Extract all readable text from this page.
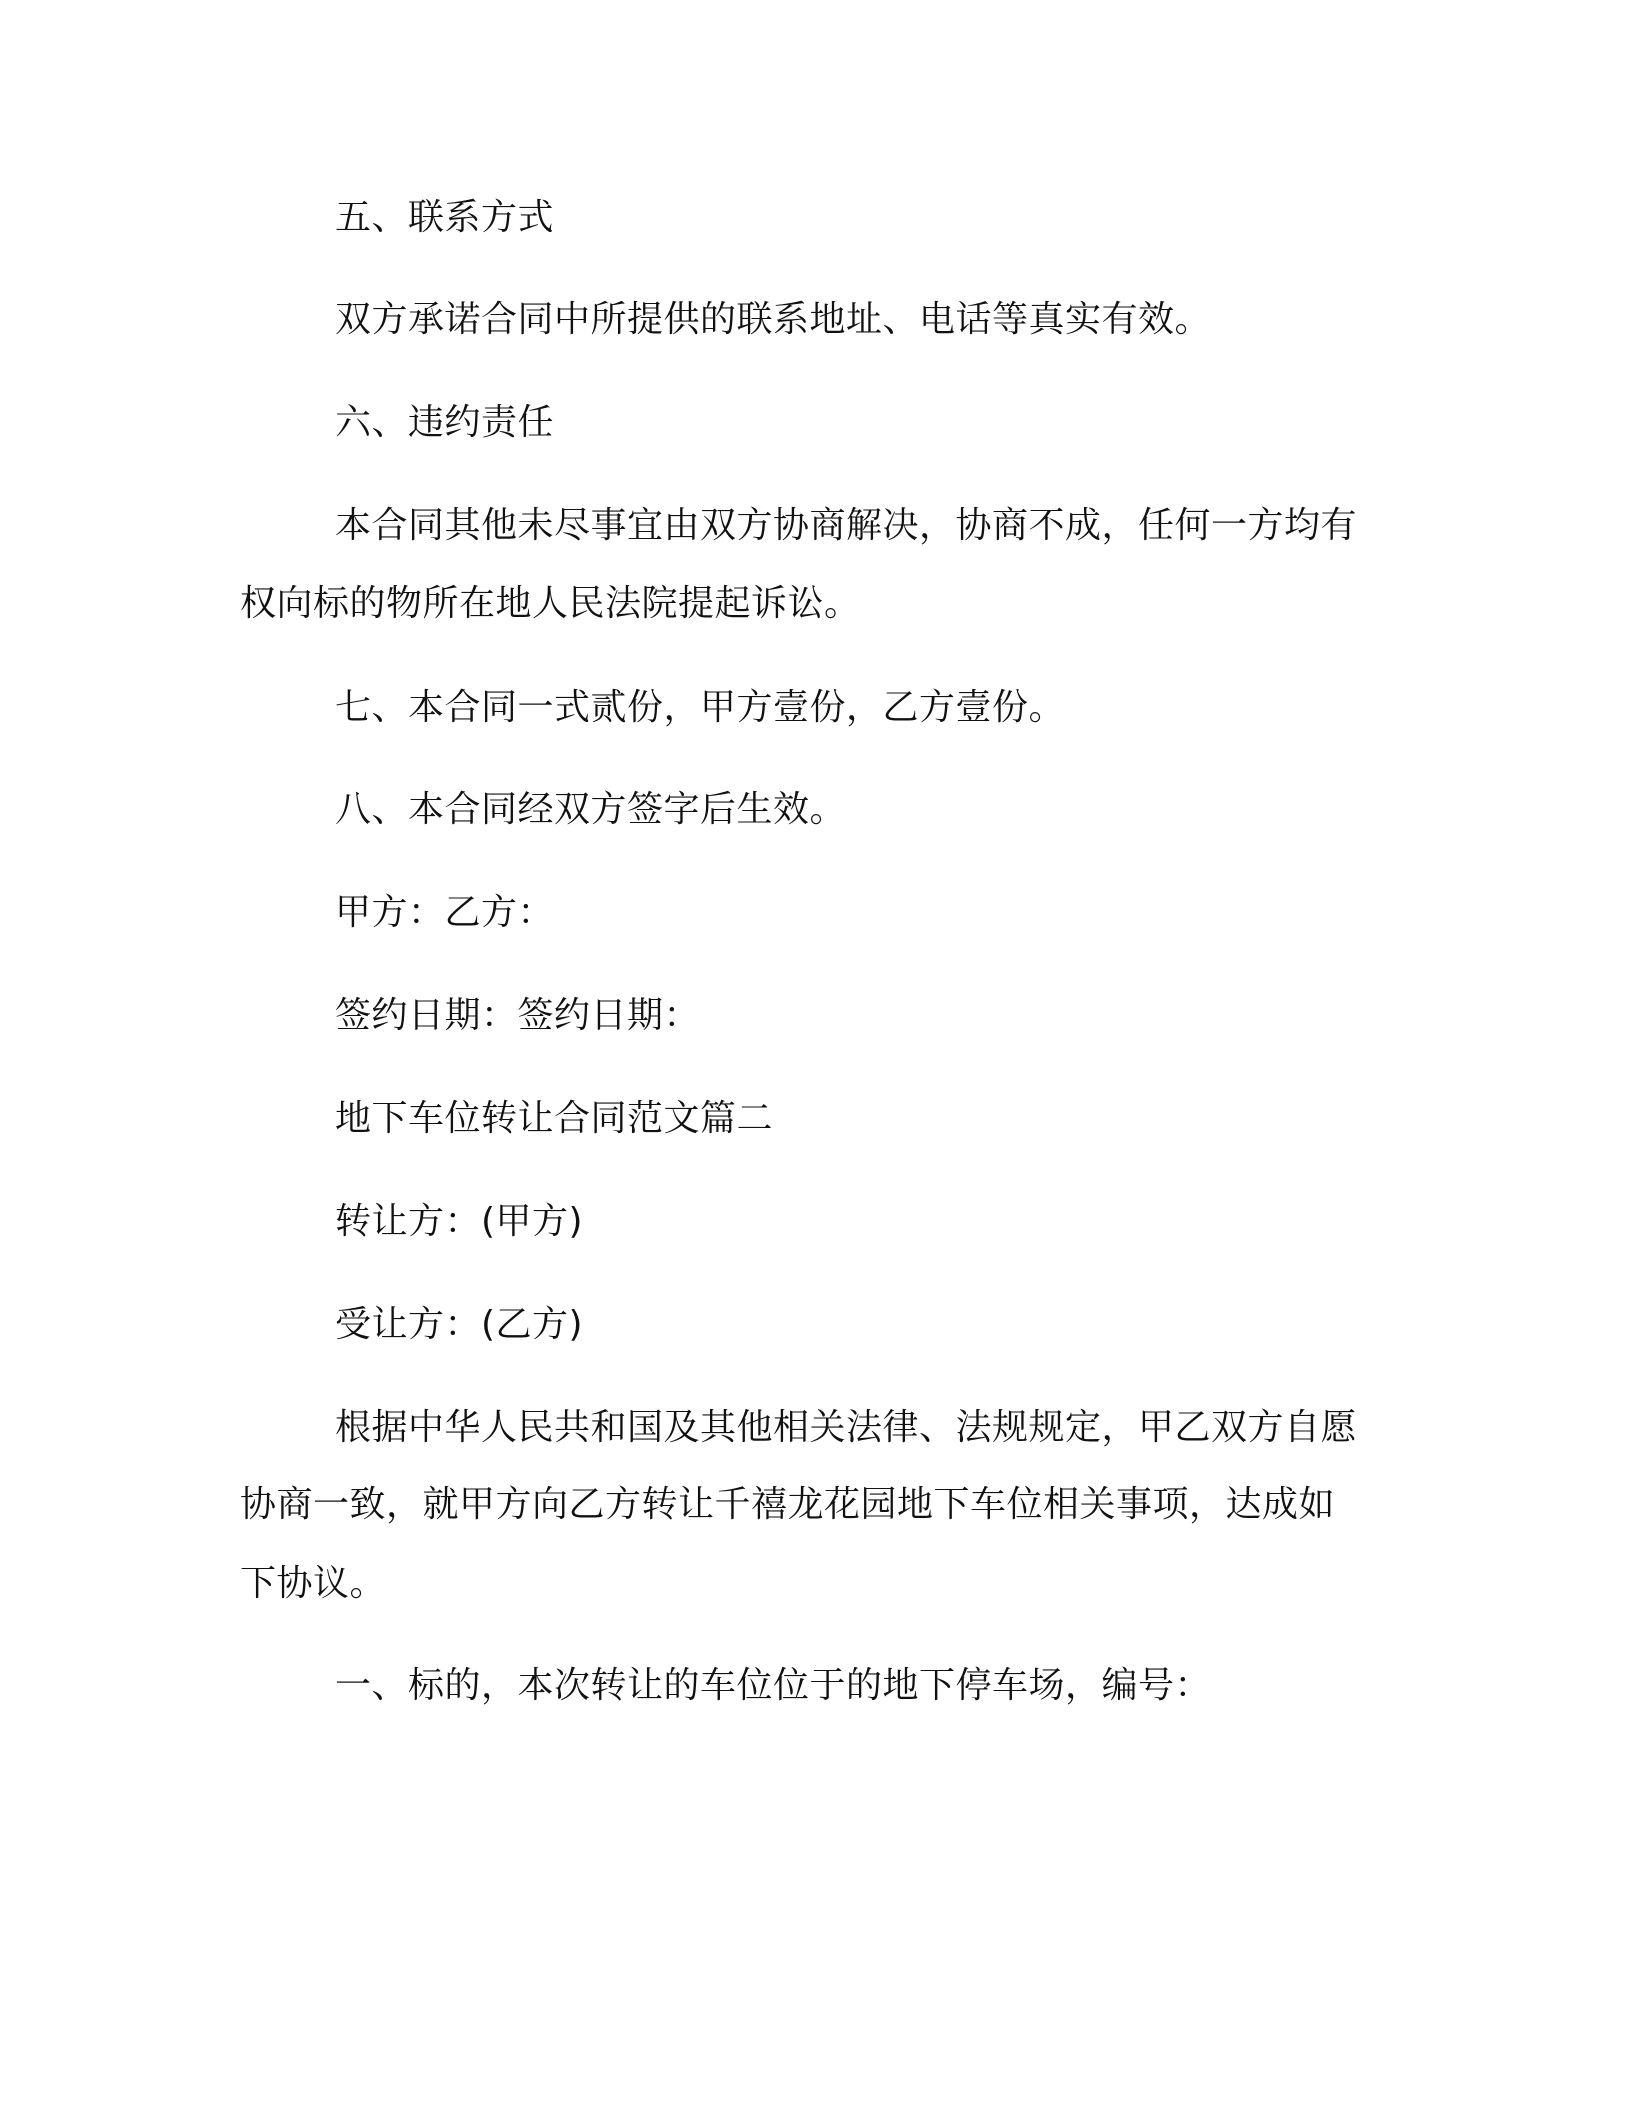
五、联系方式
双方承诺合同中所提供的联系地址、电话等真实有效。
六、违约责任
本合同其他未尽事宜由双方协商解决，协商不成，任何一方均有
权向标的物所在地人民法院提起诉讼。
七、本合同一式贰份，甲方壹份，乙方壹份。
八、本合同经双方签字后生效。
甲方：乙方：
签约日期：签约日期：
地下车位转让合同范文篇二
转让方：(甲方)
受让方：(乙方)
根据中华人民共和国及其他相关法律、法规规定，甲乙双方自愿
协商一致，就甲方向乙方转让千禧龙花园地下车位相关事项，达成如
下协议。
一、标的，本次转让的车位位于的地下停车场，编号：
